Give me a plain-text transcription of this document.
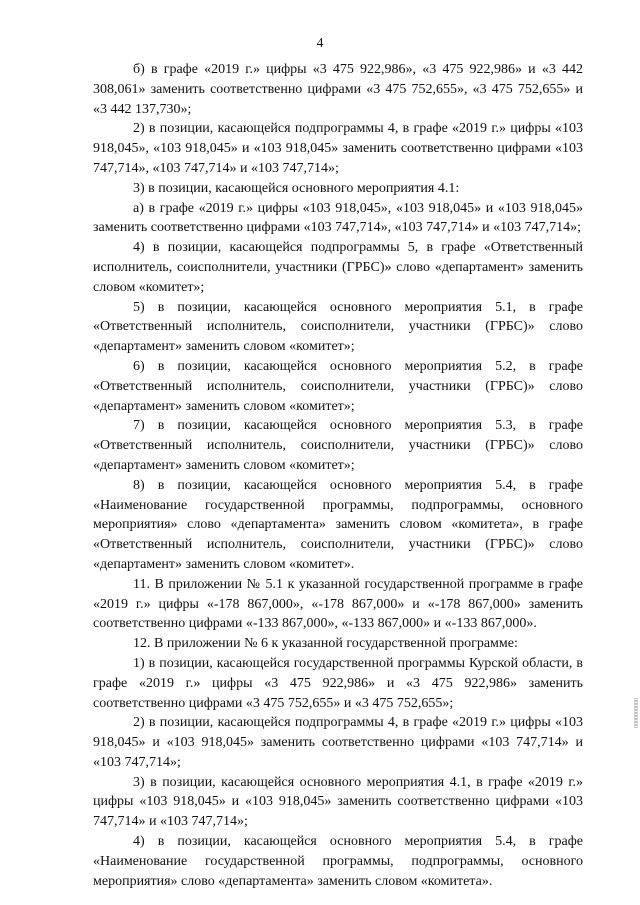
4

б) в графе «2019 г.» цифры «3 475 922,986», «3 475 922,986» и «3 442 308,061» заменить соответственно цифрами «3 475 752,655», «3 475 752,655» и «3 442 137,730»;

2) в позиции, касающейся подпрограммы 4, в графе «2019 г.» цифры «103 918,045», «103 918,045» и «103 918,045» заменить соответственно цифрами «103 747,714», «103 747,714» и «103 747,714»;

3) в позиции, касающейся основного мероприятия 4.1:

а) в графе «2019 г.» цифры «103 918,045», «103 918,045» и «103 918,045» заменить соответственно цифрами «103 747,714», «103 747,714» и «103 747,714»;

4) в позиции, касающейся подпрограммы 5, в графе «Ответственный исполнитель, соисполнители, участники (ГРБС)» слово «департамент» заменить словом «комитет»;

5) в позиции, касающейся основного мероприятия 5.1, в графе «Ответственный исполнитель, соисполнители, участники (ГРБС)» слово «департамент» заменить словом «комитет»;

6) в позиции, касающейся основного мероприятия 5.2, в графе «Ответственный исполнитель, соисполнители, участники (ГРБС)» слово «департамент» заменить словом «комитет»;

7) в позиции, касающейся основного мероприятия 5.3, в графе «Ответственный исполнитель, соисполнители, участники (ГРБС)» слово «департамент» заменить словом «комитет»;

8) в позиции, касающейся основного мероприятия 5.4, в графе «Наименование государственной программы, подпрограммы, основного мероприятия» слово «департамента» заменить словом «комитета», в графе «Ответственный исполнитель, соисполнители, участники (ГРБС)» слово «департамент» заменить словом «комитет».

11. В приложении № 5.1 к указанной государственной программе в графе «2019 г.» цифры «-178 867,000», «-178 867,000» и «-178 867,000» заменить соответственно цифрами «-133 867,000», «-133 867,000» и «-133 867,000».

12. В приложении № 6 к указанной государственной программе:

1) в позиции, касающейся государственной программы Курской области, в графе «2019 г.» цифры «3 475 922,986» и «3 475 922,986» заменить соответственно цифрами «3 475 752,655» и «3 475 752,655»;

2) в позиции, касающейся подпрограммы 4, в графе «2019 г.» цифры «103 918,045» и «103 918,045» заменить соответственно цифрами «103 747,714» и «103 747,714»;

3) в позиции, касающейся основного мероприятия 4.1, в графе «2019 г.» цифры «103 918,045» и «103 918,045» заменить соответственно цифрами «103 747,714» и «103 747,714»;

4) в позиции, касающейся основного мероприятия 5.4, в графе «Наименование государственной программы, подпрограммы, основного мероприятия» слово «департамента» заменить словом «комитета».

0000000000
